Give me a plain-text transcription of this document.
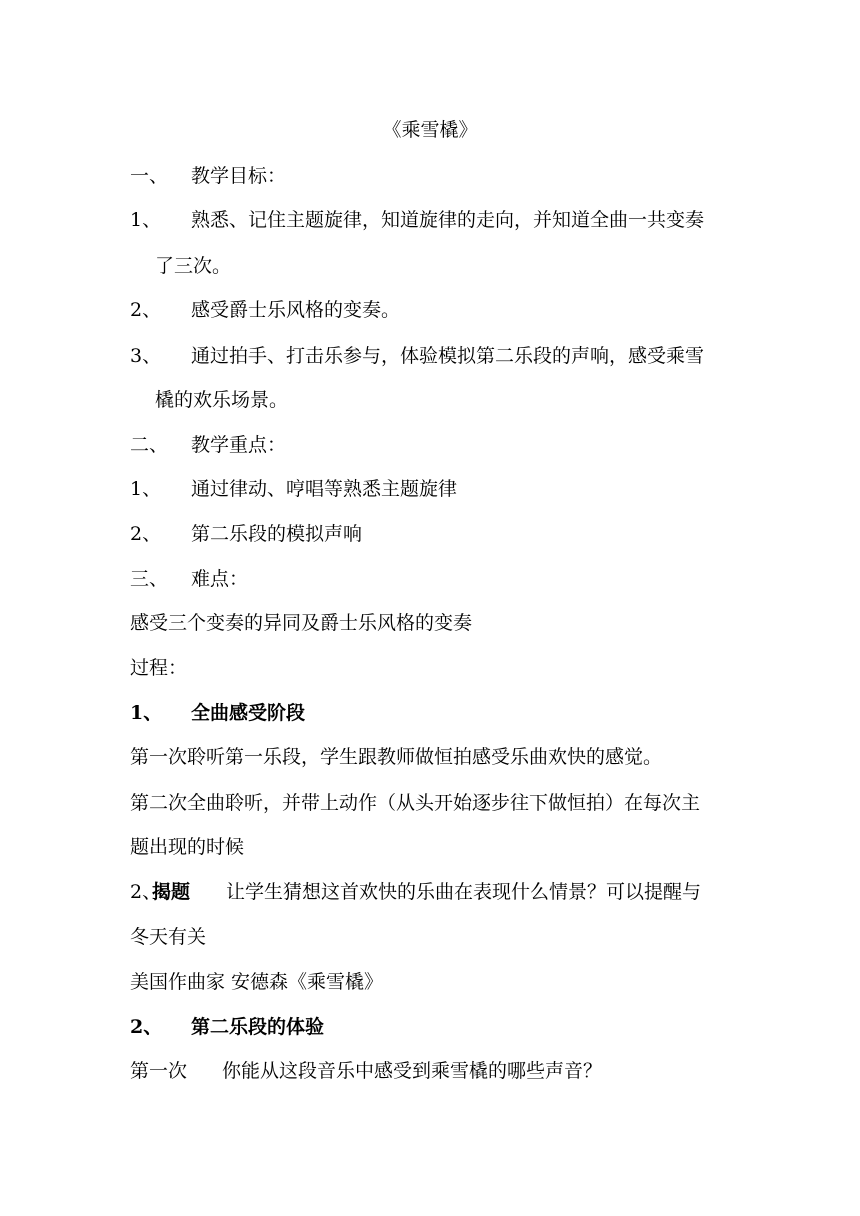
《乘雪橇》
一、 教学目标：
1、 熟悉、记住主题旋律，知道旋律的走向，并知道全曲一共变奏
了三次。
2、 感受爵士乐风格的变奏。
3、 通过拍手、打击乐参与，体验模拟第二乐段的声响，感受乘雪
橇的欢乐场景。
二、 教学重点：
1、 通过律动、哼唱等熟悉主题旋律
2、 第二乐段的模拟声响
三、 难点：
感受三个变奏的异同及爵士乐风格的变奏
过程：
1、 全曲感受阶段
第一次聆听第一乐段，学生跟教师做恒拍感受乐曲欢快的感觉。
第二次全曲聆听，并带上动作（从头开始逐步往下做恒拍）在每次主
题出现的时候
2、
揭题 让学生猜想这首欢快的乐曲在表现什么情景？可以提醒与
冬天有关
美国作曲家 安德森《乘雪橇》
2、 第二乐段的体验
第一次 你能从这段音乐中感受到乘雪橇的哪些声音？
